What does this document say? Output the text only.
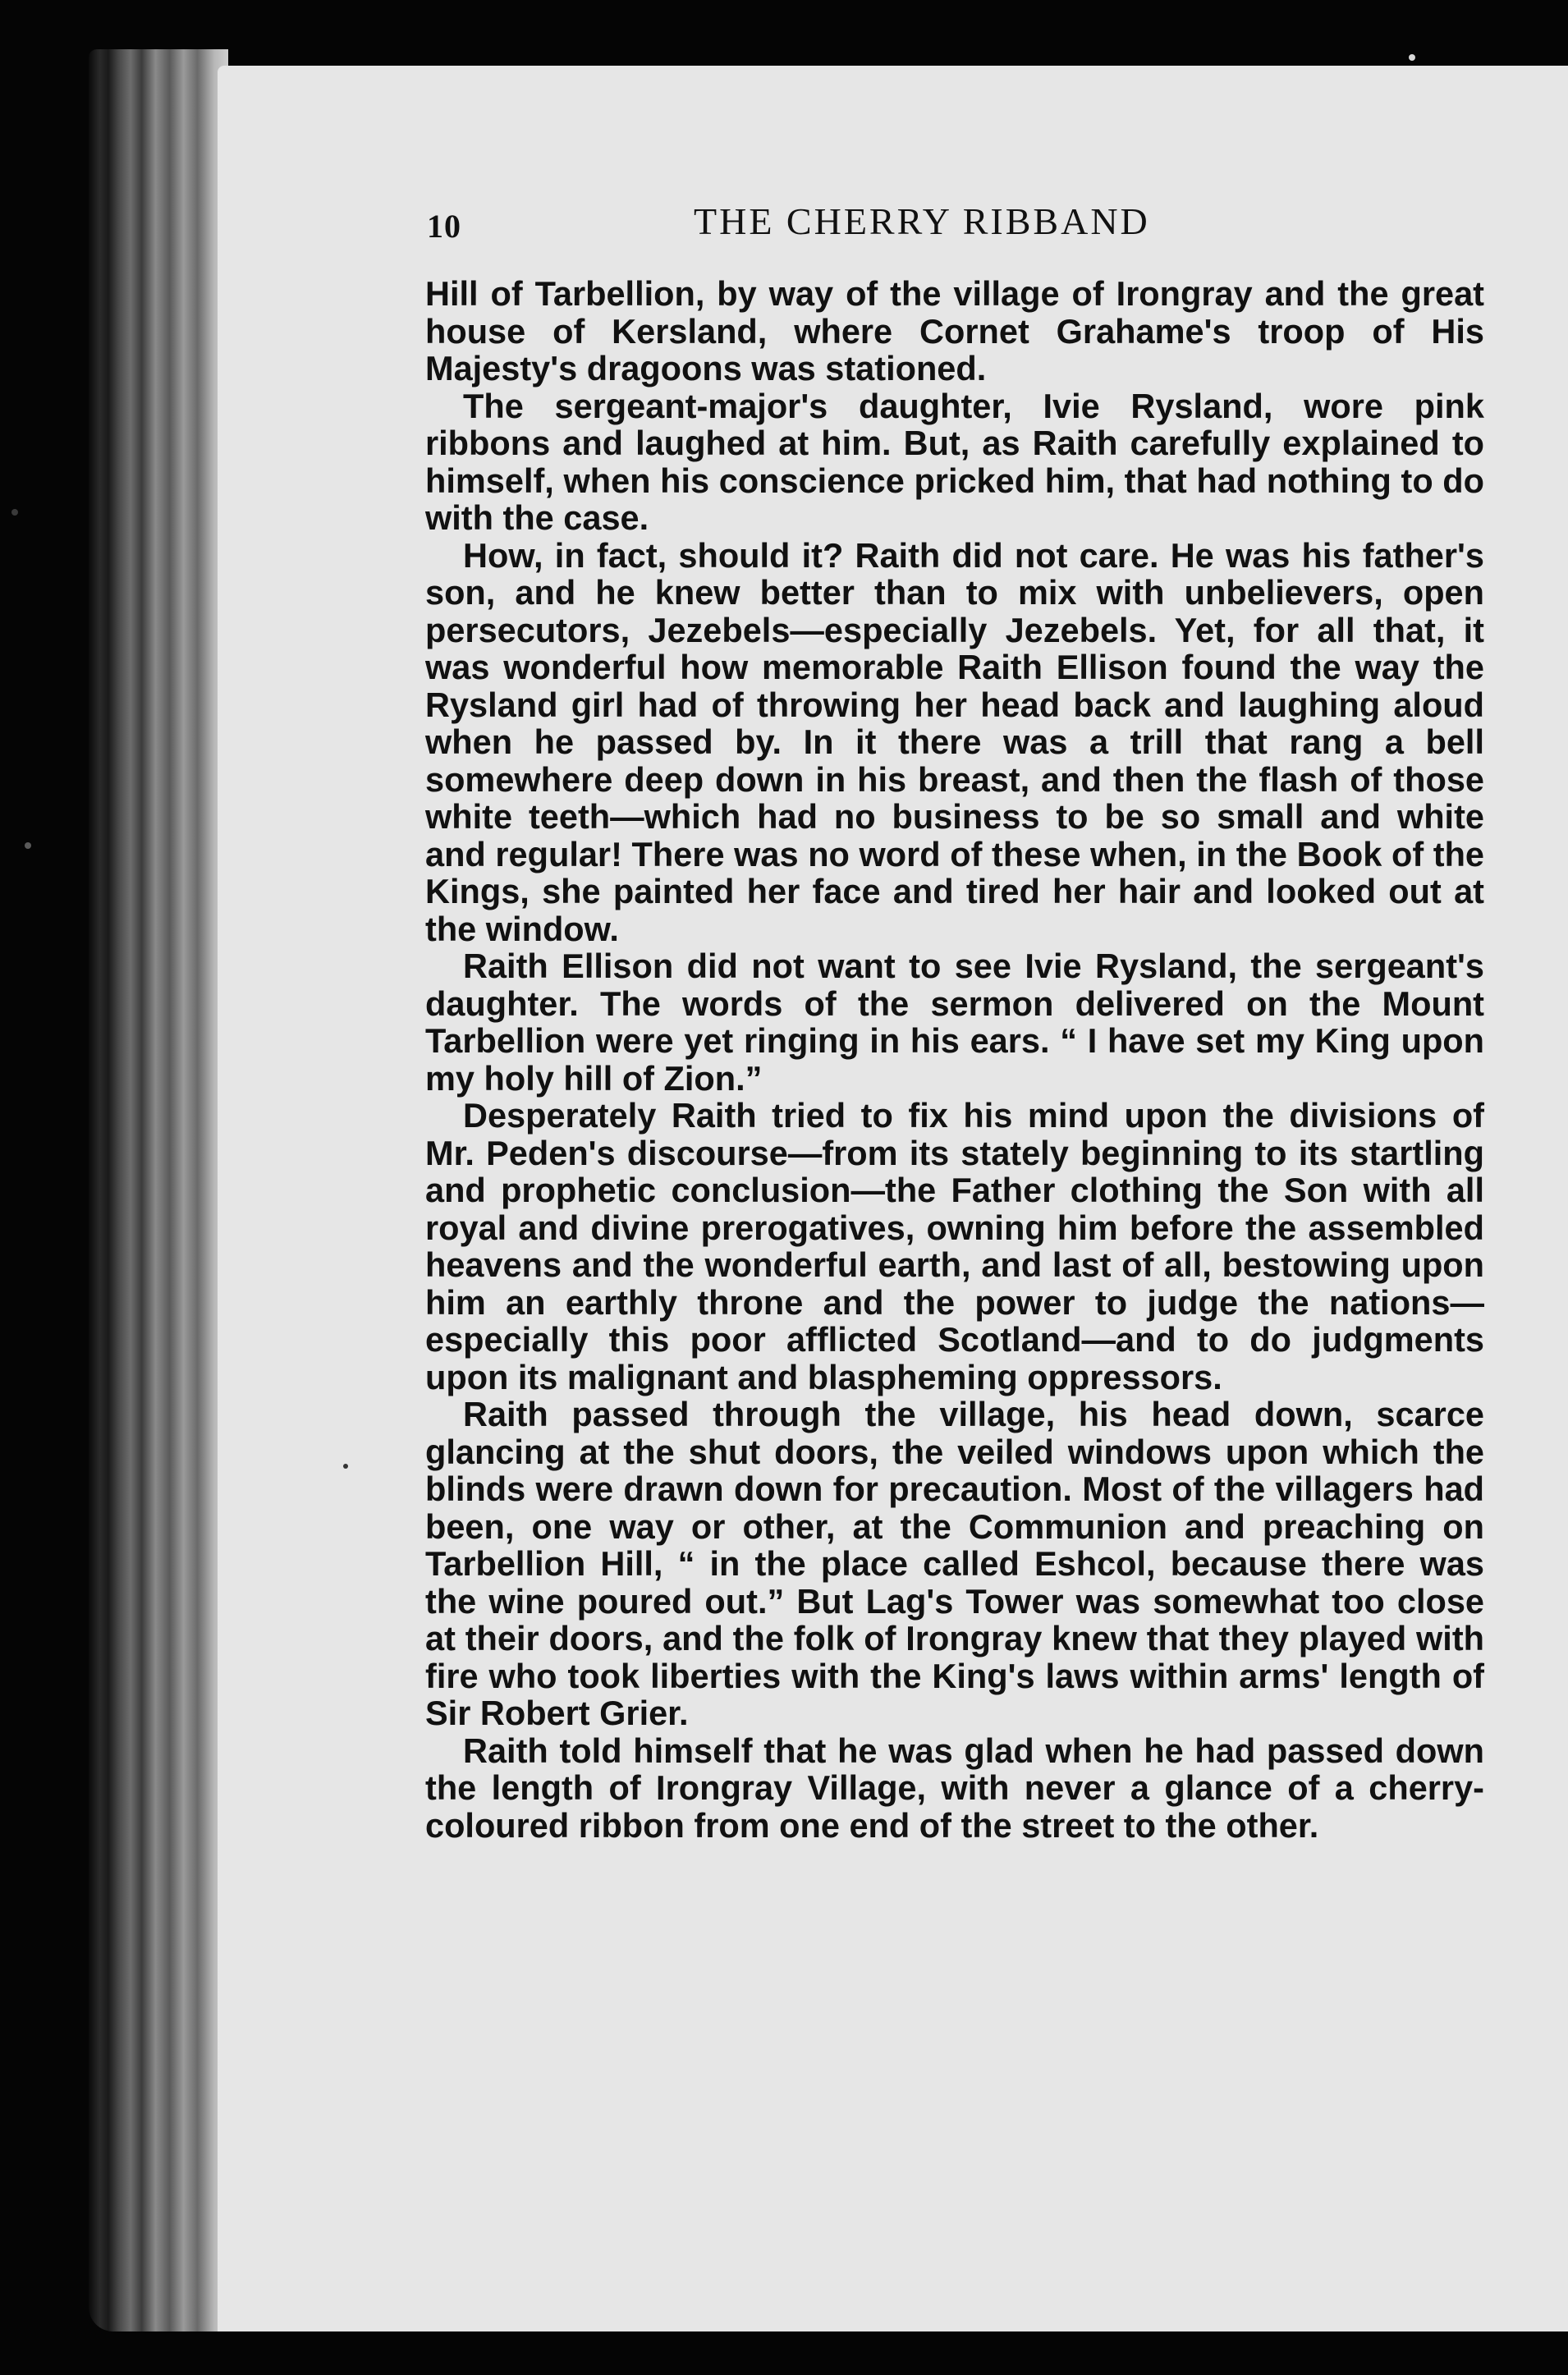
10	THE CHERRY RIBBAND

Hill of Tarbellion, by way of the village of Irongray and the great house of Kersland, where Cornet Grahame's troop of His Majesty's dragoons was stationed.

The sergeant-major's daughter, Ivie Rysland, wore pink ribbons and laughed at him. But, as Raith carefully explained to himself, when his conscience pricked him, that had nothing to do with the case.

How, in fact, should it? Raith did not care. He was his father's son, and he knew better than to mix with unbelievers, open persecutors, Jezebels—especially Jezebels. Yet, for all that, it was wonderful how memorable Raith Ellison found the way the Rysland girl had of throwing her head back and laughing aloud when he passed by. In it there was a trill that rang a bell somewhere deep down in his breast, and then the flash of those white teeth—which had no business to be so small and white and regular! There was no word of these when, in the Book of the Kings, she painted her face and tired her hair and looked out at the window.

Raith Ellison did not want to see Ivie Rysland, the sergeant's daughter. The words of the sermon delivered on the Mount Tarbellion were yet ringing in his ears. “ I have set my King upon my holy hill of Zion.”

Desperately Raith tried to fix his mind upon the divisions of Mr. Peden's discourse—from its stately beginning to its startling and prophetic conclusion—the Father clothing the Son with all royal and divine prerogatives, owning him before the assembled heavens and the wonderful earth, and last of all, bestowing upon him an earthly throne and the power to judge the nations—especially this poor afflicted Scotland—and to do judgments upon its malignant and blaspheming oppressors.

Raith passed through the village, his head down, scarce glancing at the shut doors, the veiled windows upon which the blinds were drawn down for precaution. Most of the villagers had been, one way or other, at the Communion and preaching on Tarbellion Hill, “ in the place called Eshcol, because there was the wine poured out.” But Lag's Tower was somewhat too close at their doors, and the folk of Irongray knew that they played with fire who took liberties with the King's laws within arms' length of Sir Robert Grier.

Raith told himself that he was glad when he had passed down the length of Irongray Village, with never a glance of a cherry-coloured ribbon from one end of the street to the other.
